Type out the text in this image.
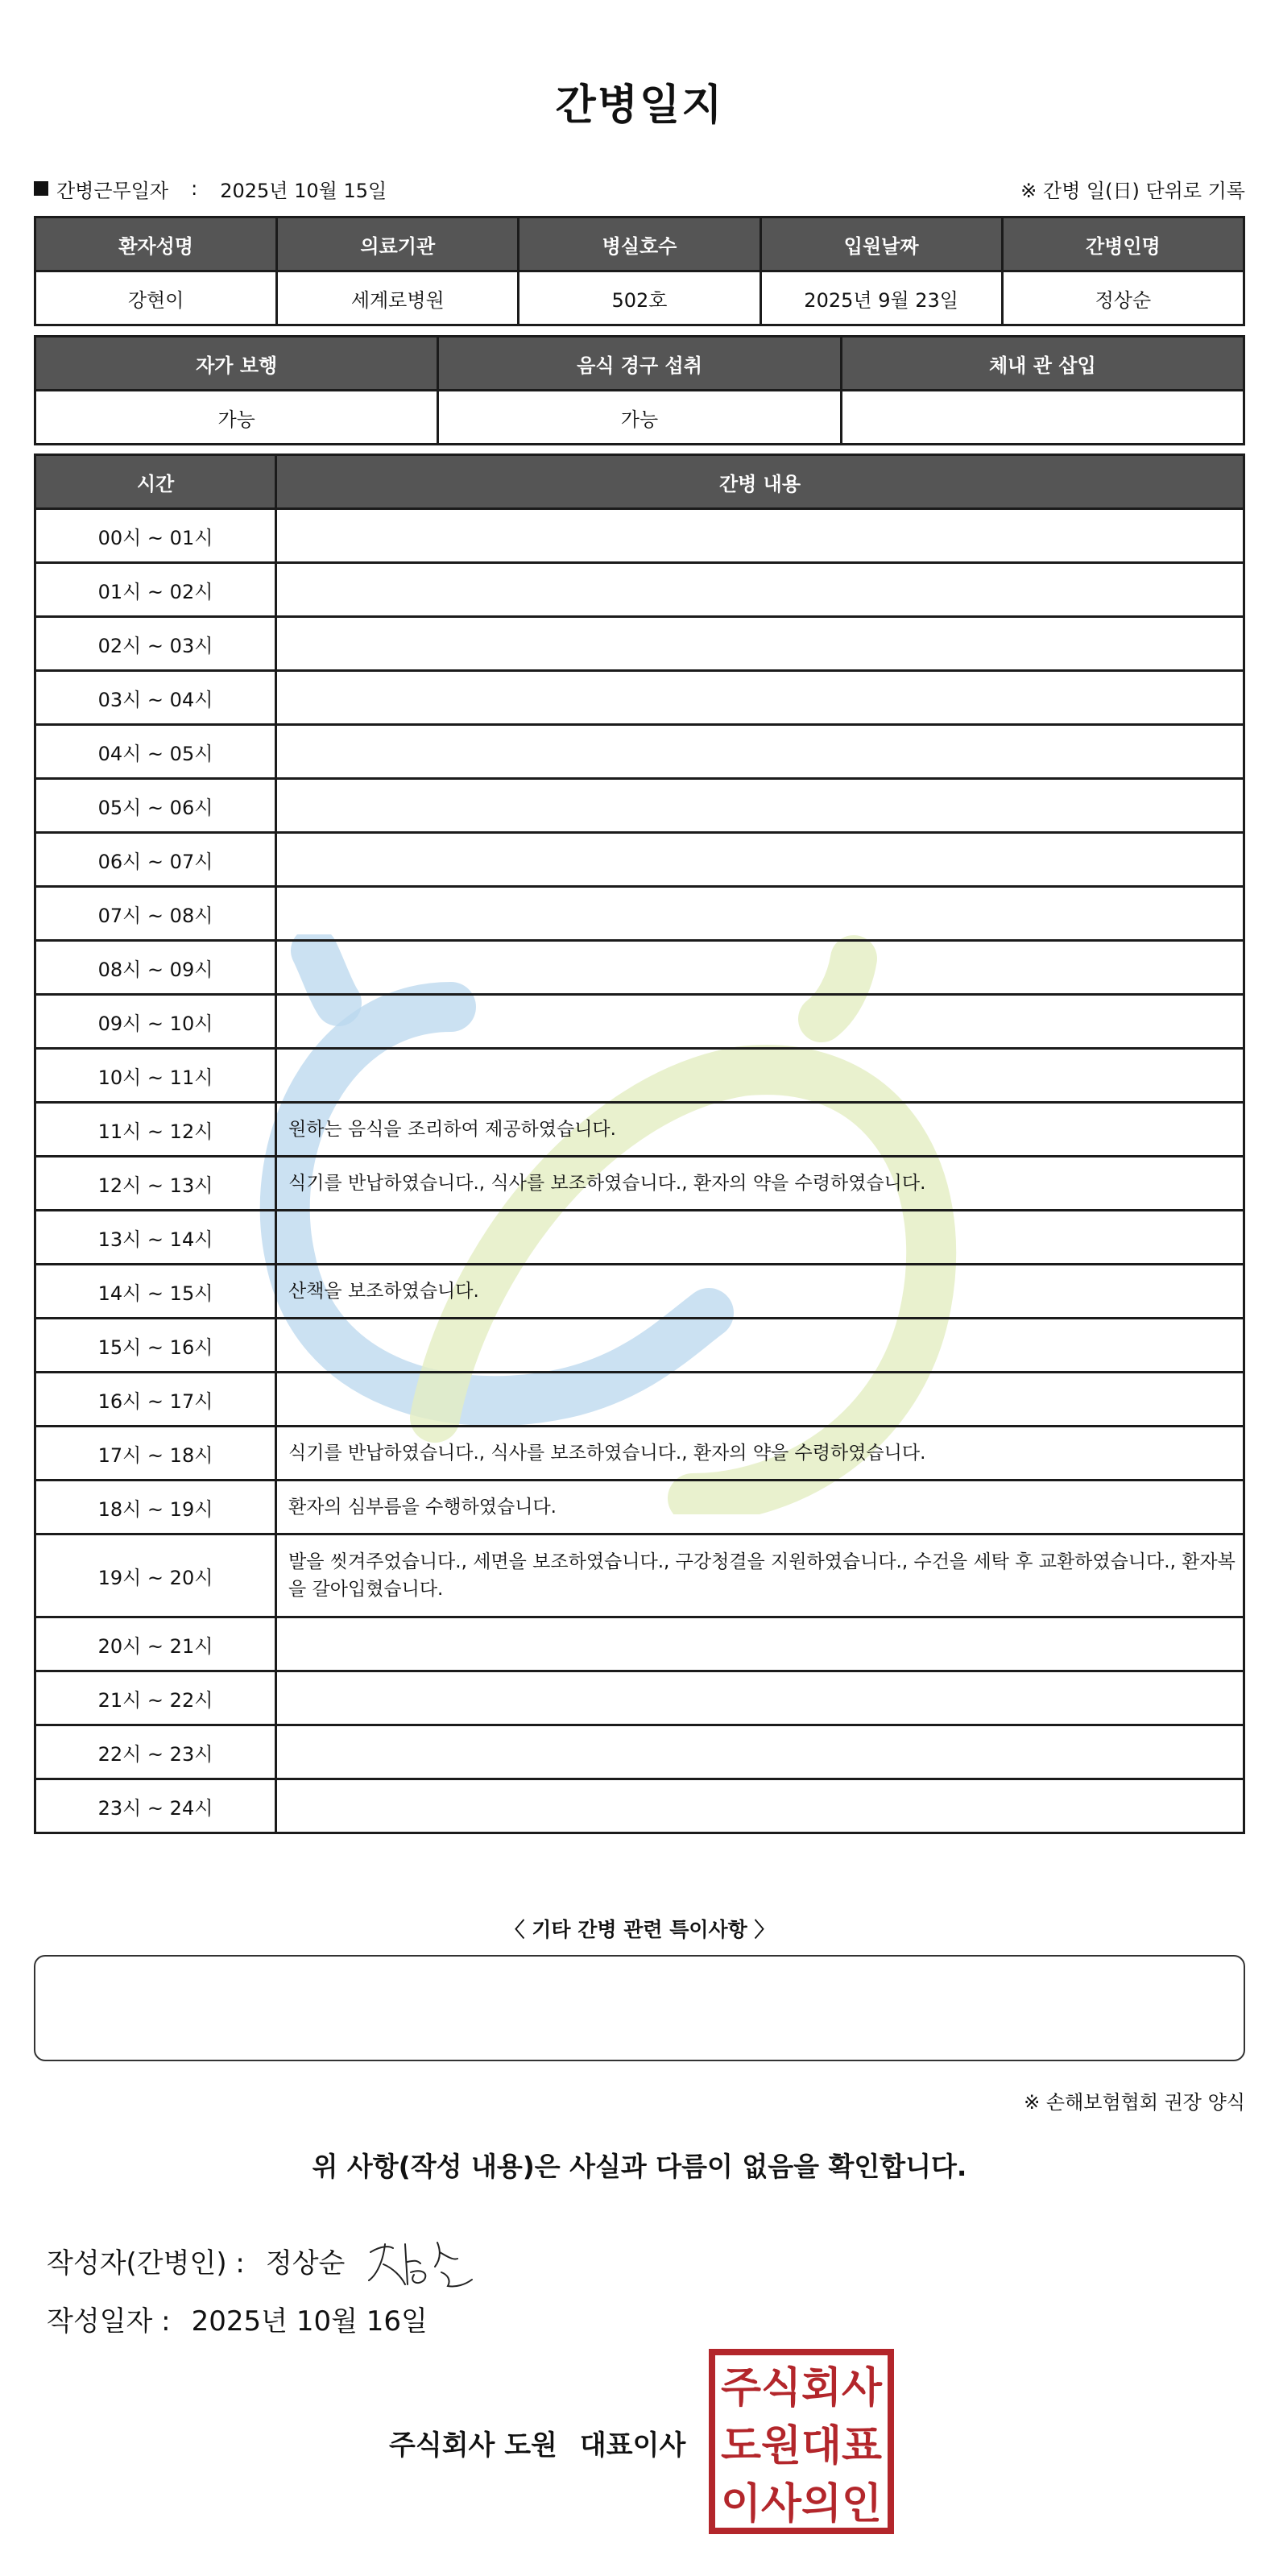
간병일지
간병근무일자 : 2025년 10월 15일	※ 간병 일(日) 단위로 기록
환자성명	의료기관	병실호수	입원날짜	간병인명
강현이	세계로병원	502호	2025년 9월 23일	정상순
자가 보행	음식 경구 섭취	체내 관 삽입
가능	가능	
시간	간병 내용
00시 ~ 01시	
01시 ~ 02시	
02시 ~ 03시	
03시 ~ 04시	
04시 ~ 05시	
05시 ~ 06시	
06시 ~ 07시	
07시 ~ 08시	
08시 ~ 09시	
09시 ~ 10시	
10시 ~ 11시	
11시 ~ 12시	원하는 음식을 조리하여 제공하였습니다.
12시 ~ 13시	식기를 반납하였습니다., 식사를 보조하였습니다., 환자의 약을 수령하였습니다.
13시 ~ 14시	
14시 ~ 15시	산책을 보조하였습니다.
15시 ~ 16시	
16시 ~ 17시	
17시 ~ 18시	식기를 반납하였습니다., 식사를 보조하였습니다., 환자의 약을 수령하였습니다.
18시 ~ 19시	환자의 심부름을 수행하였습니다.
19시 ~ 20시	발을 씻겨주었습니다., 세면을 보조하였습니다., 구강청결을 지원하였습니다., 수건을 세탁 후 교환하였습니다., 환자복을 갈아입혔습니다.
20시 ~ 21시	
21시 ~ 22시	
22시 ~ 23시	
23시 ~ 24시	
〈 기타 간병 관련 특이사항 〉
※ 손해보험협회 권장 양식
위 사항(작성 내용)은 사실과 다름이 없음을 확인합니다.
작성자(간병인) : 정상순
작성일자 : 2025년 10월 16일
주식회사 도원 대표이사
주식회사
도원대표
이사의인
